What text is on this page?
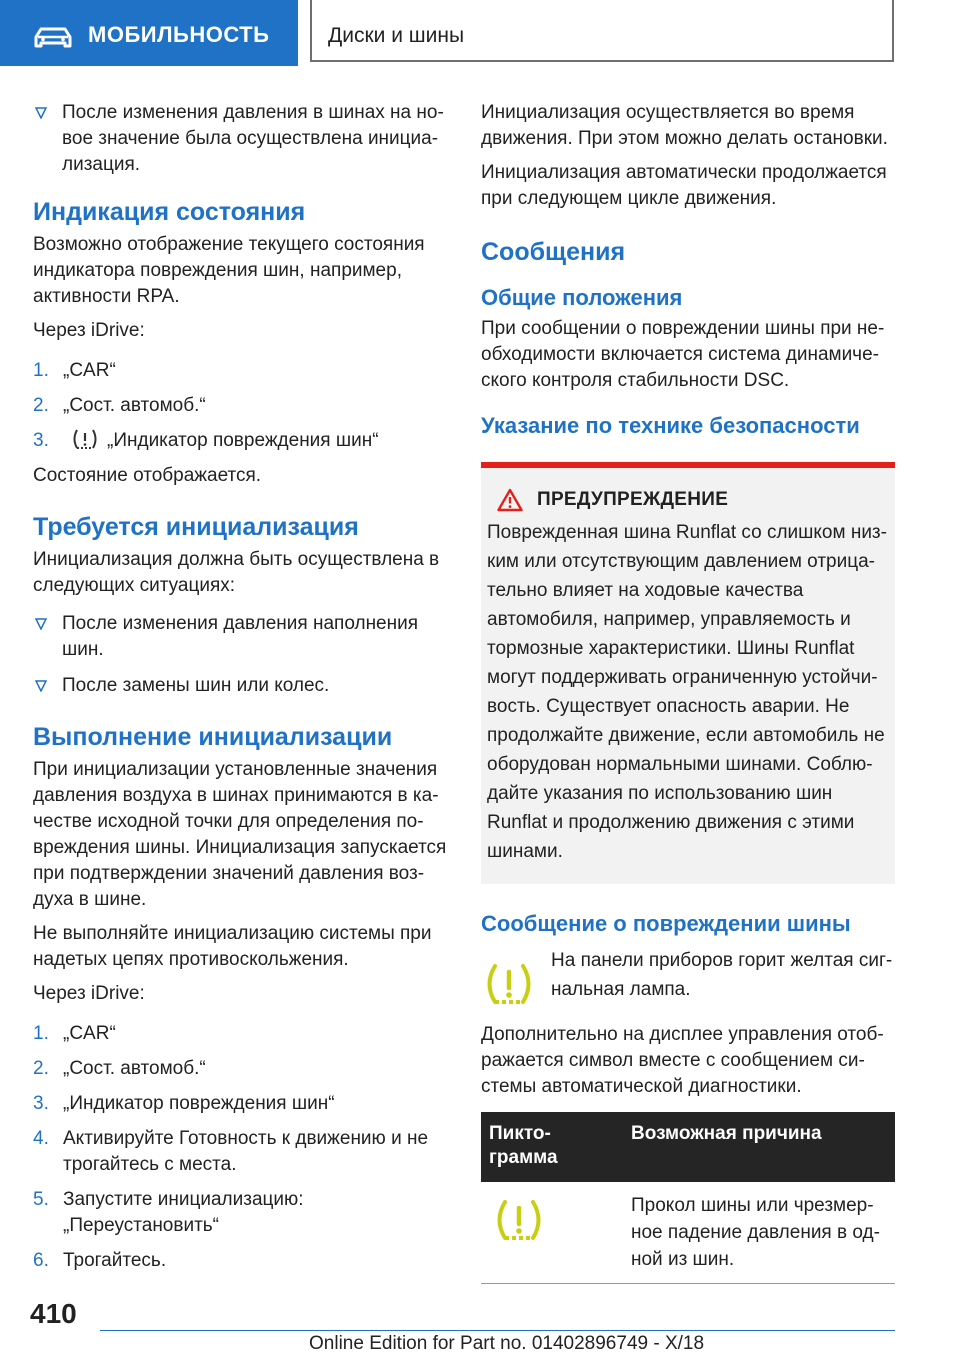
МОБИЛЬНОСТЬ	Диски и шины
После изменения давления в шинах на но-вое значение была осуществлена инициа-лизация.
Индикация состояния

Возможно отображение текущего состояния индикатора повреждения шин, например, активности RPA.

Через iDrive:

1. „CAR“
2. „Сост. автомоб.“
3.	„Индикатор повреждения шин“

Состояние отображается.

Требуется инициализация

Инициализация должна быть осуществлена в следующих ситуациях:

После изменения давления наполнения шин.
После замены шин или колес.
Выполнение инициализации

При инициализации установленные значения давления воздуха в шинах принимаются в ка-честве исходной точки для определения по-вреждения шины. Инициализация запускается при подтверждении значений давления воз-духа в шине.

Не выполняйте инициализацию системы при надетых цепях противоскольжения.

Через iDrive:

1. „CAR“
2. „Сост. автомоб.“
3. „Индикатор повреждения шин“
4. Активируйте Готовность к движению и не трогайтесь с места.
5. Запустите инициализацию: „Переустановить“
6. Трогайтесь.

Инициализация осуществляется во время движения. При этом можно делать остановки.

Инициализация автоматически продолжается при следующем цикле движения.

Сообщения
Общие положения

При сообщении о повреждении шины при не-обходимости включается система динамиче-ского контроля стабильности DSC.

Указание по технике безопасности
ПРЕДУПРЕЖДЕНИЕ

Поврежденная шина Runflat со слишком низ-ким или отсутствующим давлением отрица-тельно влияет на ходовые качества автомобиля, например, управляемость и тормозные характеристики. Шины Runflat могут поддерживать ограниченную устойчи-вость. Существует опасность аварии. Не продолжайте движение, если автомобиль не оборудован нормальными шинами. Соблю-дайте указания по использованию шин Runflat и продолжению движения с этими шинами.

Сообщение о повреждении шины

На панели приборов горит желтая сиг-нальная лампа.

Дополнительно на дисплее управления отоб-ражается символ вместе с сообщением си-стемы автоматической диагностики.

Пикто-грамма	Возможная причина
	Прокол шины или чрезмер-ное падение давления в од-ной из шин.
410
Online Edition for Part no. 01402896749 - X/18
